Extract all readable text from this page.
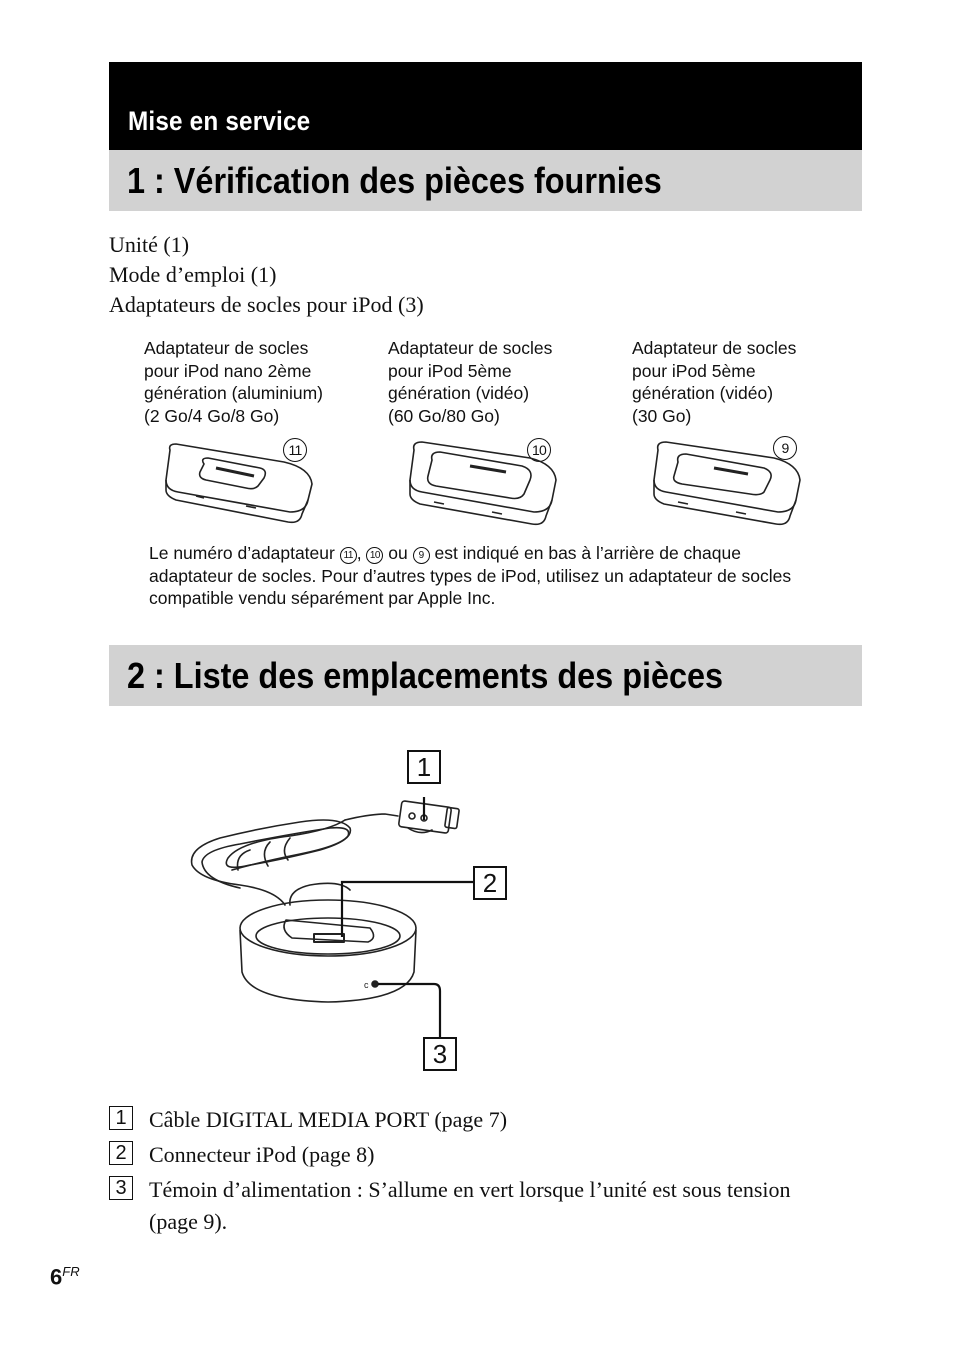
Mise en service
1 : Vérification des pièces fournies
Unité (1)
Mode d’emploi (1)
Adaptateurs de socles pour iPod (3)
Adaptateur de socles
pour iPod nano 2ème
génération (aluminium)
(2 Go/4 Go/8 Go)
Adaptateur de socles
pour iPod 5ème
génération (vidéo)
(60 Go/80 Go)
Adaptateur de socles
pour iPod 5ème
génération (vidéo)
(30 Go)
11	10	9
Le numéro d’adaptateur 11 , 10 ou 9 est indiqué en bas à l’arrière de chaque adaptateur de socles. Pour d’autres types de iPod, utilisez un adaptateur de socles compatible vendu séparément par Apple Inc.
2 : Liste des emplacements des pièces
c
1
2
3
1 Câble DIGITAL MEDIA PORT (page 7)
2 Connecteur iPod (page 8)
3 Témoin d’alimentation : S’allume en vert lorsque l’unité est sous tension (page 9).
$6^{FR}$
